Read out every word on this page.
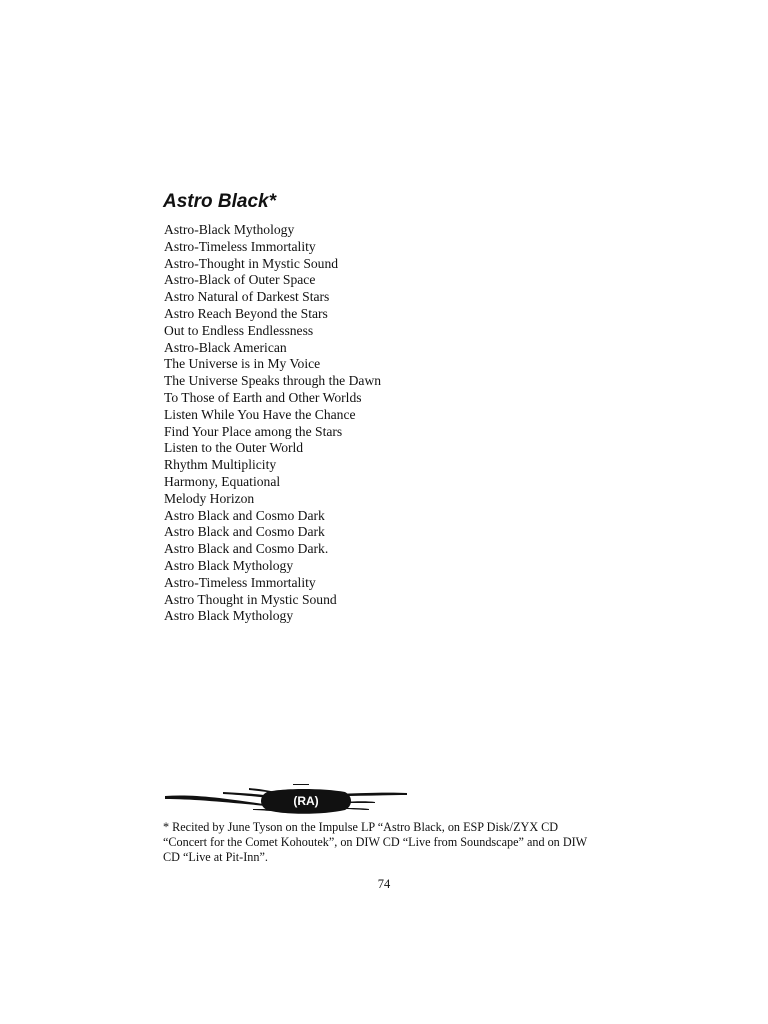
Astro Black*
Astro-Black Mythology
Astro-Timeless Immortality
Astro-Thought in Mystic Sound
Astro-Black of Outer Space
Astro Natural of Darkest Stars
Astro Reach Beyond the Stars
Out to Endless Endlessness
Astro-Black American
The Universe is in My Voice
The Universe Speaks through the Dawn
To Those of Earth and Other Worlds
Listen While You Have the Chance
Find Your Place among the Stars
Listen to the Outer World
Rhythm Multiplicity
Harmony, Equational
Melody Horizon
Astro Black and Cosmo Dark
Astro Black and Cosmo Dark
Astro Black and Cosmo Dark.
Astro Black Mythology
Astro-Timeless Immortality
Astro Thought in Mystic Sound
Astro Black Mythology
(RA)

* Recited by June Tyson on the Impulse LP “Astro Black, on ESP Disk/ZYX CD
“Concert for the Comet Kohoutek”, on DIW CD “Live from Soundscape” and on DIW
CD “Live at Pit-Inn”.

74
